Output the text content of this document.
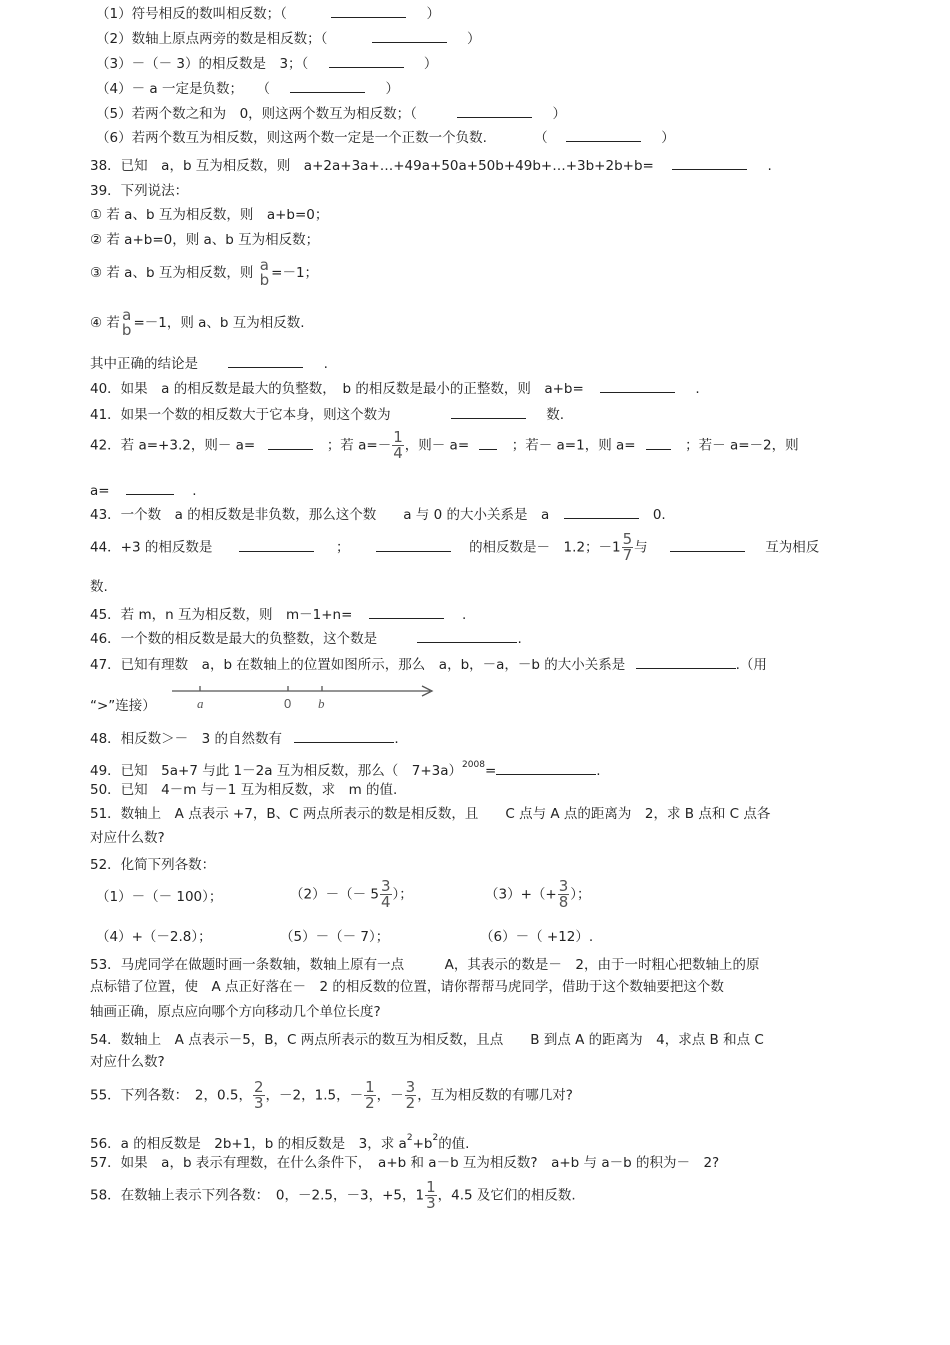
（1）符号相反的数叫相反数；（	）
（2）数轴上原点两旁的数是相反数；（	）
（3）－（－ 3）的相反数是　3；（	）
（4）－ a 一定是负数；　　（	）
（5）若两个数之和为　0，则这两个数互为相反数；（	）
（6）若两个数互为相反数，则这两个数一定是一个正数一个负数.　　　　（	）
38．已知　a，b 互为相反数，则　a+2a+3a+…+49a+50a+50b+49b+…+3b+2b+b=	.
39．下列说法：
① 若 a、b 互为相反数，则　a+b=0；
② 若 a+b=0，则 a、b 互为相反数；
③ 若 a、b 互为相反数，则 a
b =－1；
④ 若 a
b =－1，则 a、b 互为相反数.
其中正确的结论是	.
40．如果　a 的相反数是最大的负整数，　b 的相反数是最小的正整数，则　a+b=	.
41．如果一个数的相反数大于它本身，则这个数为	数.
42．若 a=+3.2，则－ a=	；若 $a=- \frac{1}{4}$ ，则－ a=	；若－ a=1，则 a=	；若－ a=－2，则
a=	.
43．一个数　a 的相反数是非负数，那么这个数　　a 与 0 的大小关系是　a	0.
44．+3 的相反数是	；	的相反数是－　1.2；$-1 \frac{5}{7}$ 与	互为相反
数.
45．若 m，n 互为相反数，则　m－1+n=	.
46．一个数的相反数是最大的负整数，这个数是	.
47．已知有理数　a，b 在数轴上的位置如图所示，那么　a，b，－a，－b 的大小关系是	.（用
“>”连接）	a	0 b
48．相反数＞－　3 的自然数有	.
49．已知　5a+7 与此 1－2a 互为相反数，那么（　7+3a）$^{2008}$=	.
50．已知　4－m 与－1 互为相反数，求　m 的值.
51．数轴上　A 点表示 +7，B、C 两点所表示的数是相反数，且　　C 点与 A 点的距离为　2，求 B 点和 C 点各
对应什么数?
52．化简下列各数：
（1）－（－ 100）；	$(2)-(- 5 \frac{3}{4}$ ）；	$(3)+(+ \frac{3}{8}$ ）；
（4）+（－2.8）；	（5）－（－ 7）；	（6）－（ +12）.
53．马虎同学在做题时画一条数轴，数轴上原有一点　　　A，其表示的数是－　2，由于一时粗心把数轴上的原
点标错了位置，使　A 点正好落在－　2 的相反数的位置，请你帮帮马虎同学，借助于这个数轴要把这个数
轴画正确，原点应向哪个方向移动几个单位长度?
54．数轴上　A 点表示－5，B，C 两点所表示的数互为相反数，且点　　B 到点 A 的距离为　4，求点 B 和点 C
对应什么数?
55．下列各数：　2，0.5， $\frac{2}{3}$ ，－2，1.5，－ $\frac{1}{2}$ ，－ $\frac{3}{2}$ ，互为相反数的有哪几对?
56．a 的相反数是　2b+1，b 的相反数是　3，求 $a^2+b^2$的值.
57．如果　a，b 表示有理数，在什么条件下，　a+b 和 a－b 互为相反数?　a+b 与 a－b 的积为－　2?
58．在数轴上表示下列各数：　0，－2.5，－3，+5，$1 \frac{1}{3}$ ，4.5 及它们的相反数.
